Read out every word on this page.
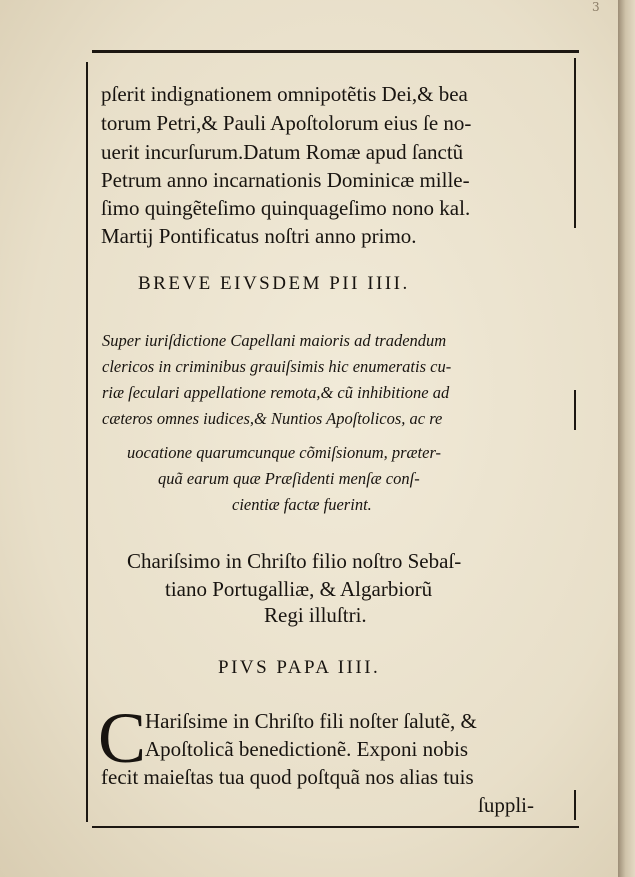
3
pſerit indignationem omnipotẽtis Dei,& bea
torum Petri,& Pauli Apoſtolorum eius ſe no-
uerit incurſurum.Datum Romæ apud ſanctũ
Petrum anno incarnationis Dominicæ mille-
ſimo quingẽteſimo quinquageſimo nono kal.
Martij Pontificatus noſtri anno primo.
BREVE EIVSDEM PII IIII.
Super iuriſdictione Capellani maioris ad tradendum
clericos in criminibus grauiſsimis hic enumeratis cu-
riæ ſeculari appellatione remota,& cũ inhibitione ad
cæteros omnes iudices,& Nuntios Apoſtolicos, ac re
uocatione quarumcunque cõmiſsionum, præter-
quã earum quæ Præſidenti menſæ conſ-
cientiæ factæ fuerint.
Chariſsimo in Chriſto filio noſtro Sebaſ-
tiano Portugalliæ, & Algarbiorũ
Regi illuſtri.
PIVS PAPA IIII.
C
Hariſsime in Chriſto fili noſter ſalutẽ, &
Apoſtolicã benedictionẽ. Exponi nobis
fecit maieſtas tua quod poſtquã nos alias tuis
ſuppli-
